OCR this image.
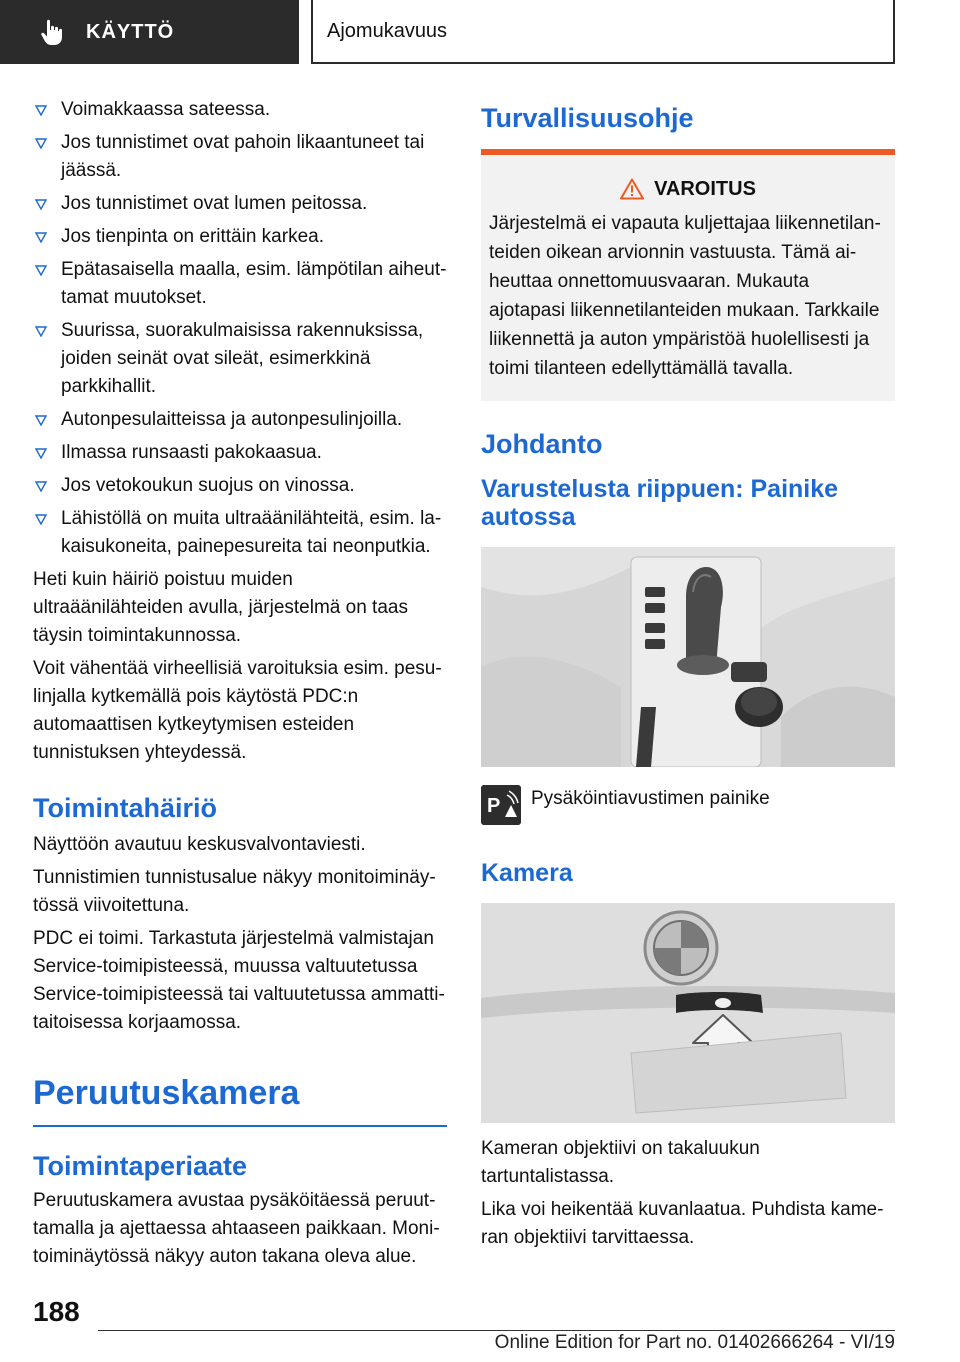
KÄYTTÖ	Ajomukavuus
Voimakkaassa sateessa.
Jos tunnistimet ovat pahoin likaantuneet tai jäässä.
Jos tunnistimet ovat lumen peitossa.
Jos tienpinta on erittäin karkea.
Epätasaisella maalla, esim. lämpötilan aiheuttamat muutokset.
Suurissa, suorakulmaisissa rakennuksissa, joiden seinät ovat sileät, esimerkkinä parkkihallit.
Autonpesulaitteissa ja autonpesulinjoilla.
Ilmassa runsaasti pakokaasua.
Jos vetokoukun suojus on vinossa.
Lähistöllä on muita ultraäänilähteitä, esim. lakaisukoneita, painepesureita tai neonputkia.

Heti kuin häiriö poistuu muiden ultraäänilähteiden avulla, järjestelmä on taas täysin toimintakunnossa.

Voit vähentää virheellisiä varoituksia esim. pesulinjalla kytkemällä pois käytöstä PDC:n automaattisen kytkeytymisen esteiden tunnistuksen yhteydessä.

Toimintahäiriö

Näyttöön avautuu keskusvalvontaviesti.

Tunnistimien tunnistusalue näkyy monitoiminäytössä viivoitettuna.

PDC ei toimi. Tarkastuta järjestelmä valmistajan Service-toimipisteessä, muussa valtuutetussa Service-toimipisteessä tai valtuutetussa ammattitaitoisessa korjaamossa.

Peruutuskamera
Toimintaperiaate

Peruutuskamera avustaa pysäköitäessä peruuttamalla ja ajettaessa ahtaaseen paikkaan. Monitoiminäytössä näkyy auton takana oleva alue.

Turvallisuusohje
VAROITUS
Järjestelmä ei vapauta kuljettajaa liikennetilanteiden oikean arvionnin vastuusta. Tämä aiheuttaa onnettomuusvaaran. Mukauta ajotapasi liikennetilanteiden mukaan. Tarkkaile liikennettä ja auton ympäristöä huolellisesti ja toimi tilanteen edellyttämällä tavalla.
Johdanto
Varustelusta riippuen: Painike autossa
P Pysäköintiavustimen painike
Kamera

Kameran objektiivi on takaluukun tartuntalistassa.

Lika voi heikentää kuvanlaatua. Puhdista kameran objektiivi tarvittaessa.

188
Online Edition for Part no. 01402666264 - VI/19
